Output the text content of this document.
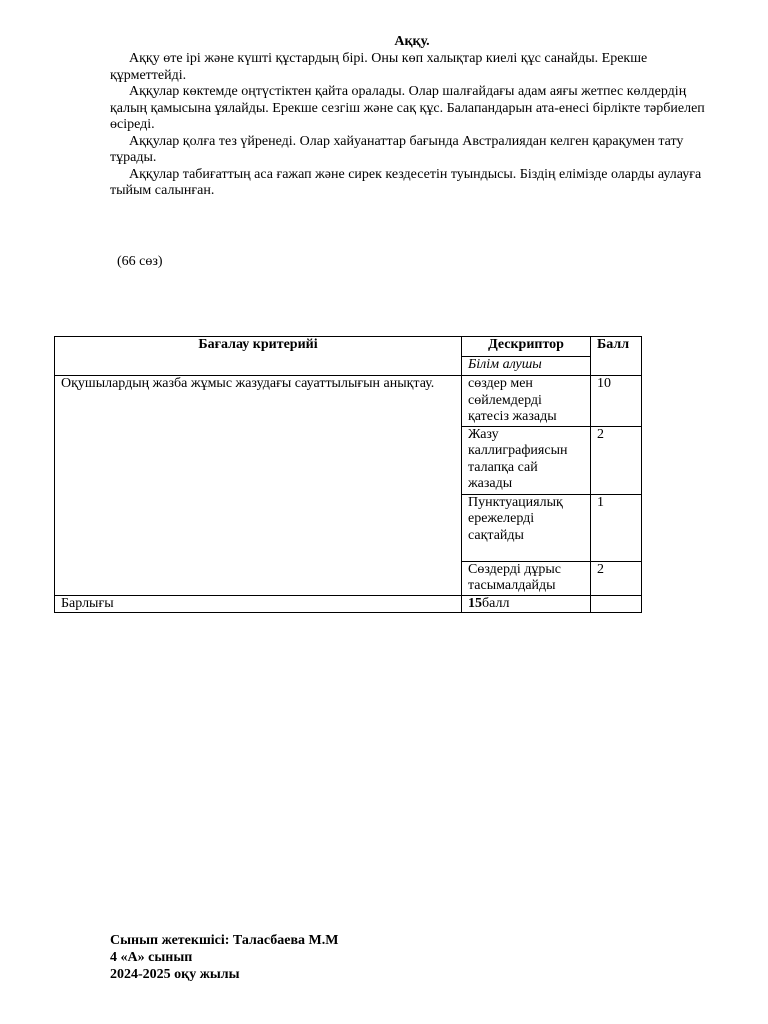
Аққу.

Аққу өте ірі және күшті құстардың бірі. Оны көп халықтар киелі құс санайды. Ерекше құрметтейді.

Аққулар көктемде оңтүстіктен қайта оралады. Олар шалғайдағы адам аяғы жетпес көлдердің қалың қамысына ұялайды. Ерекше сезгіш және сақ құс. Балапандарын ата-енесі бірлікте тәрбиелеп өсіреді.

Аққулар қолға тез үйренеді. Олар хайуанаттар бағында Австралиядан келген қарақумен тату тұрады.

Аққулар табиғаттың аса ғажап және сирек кездесетін туындысы. Біздің елімізде оларды аулауға тыйым салынған.

(66 сөз)

Бағалау критерийі	Дескриптор	Балл
	Білім алушы	
Оқушылардың жазба жұмыс жазудағы сауаттылығын анықтау.	сөздер мен сөйлемдерді қатесіз жазады	10
	Жазу каллиграфиясын талапқа сай жазады	2
	Пунктуациялық ережелерді сақтайды	1
	Сөздерді дұрыс тасымалдайды	2
Барлығы	15балл	
Сынып жетекшісі: Таласбаева М.М
4 «А» сынып
2024-2025 оқу жылы
